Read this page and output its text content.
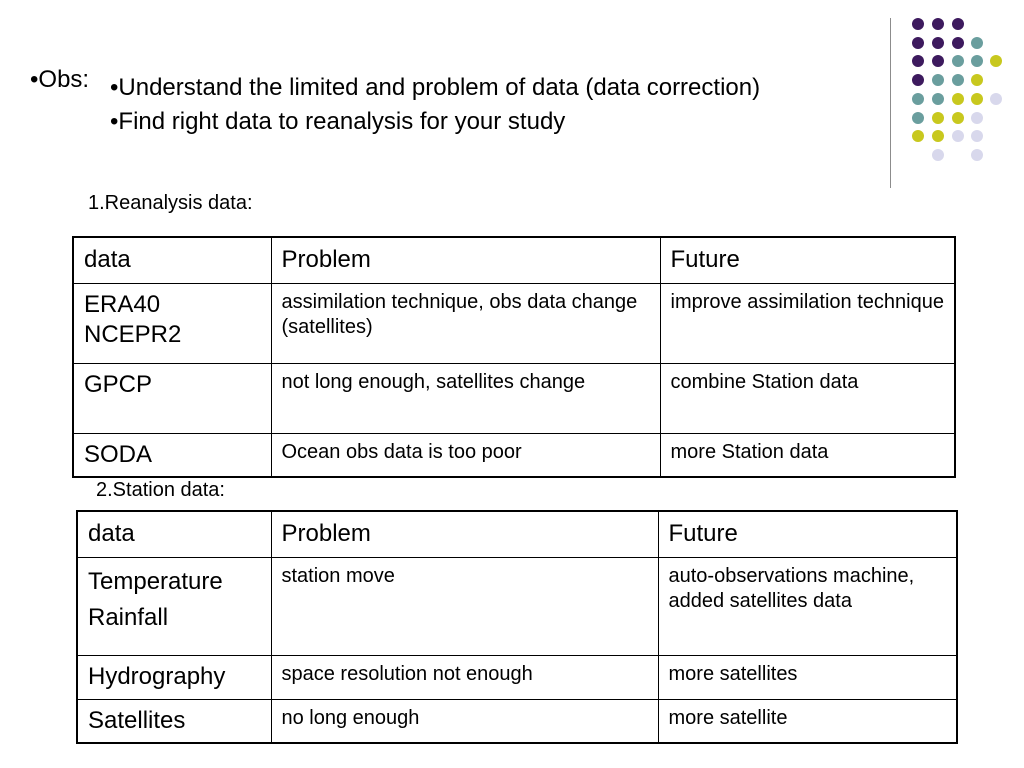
•Obs: •Understand the limited and problem of data (data correction)
•Find right data to reanalysis for your study
1.Reanalysis data:
data	Problem	Future
ERA40
NCEPR2	assimilation technique, obs data change (satellites)	improve assimilation technique
GPCP	not long enough, satellites change	combine Station data
SODA	Ocean obs data is too poor	more Station data
2.Station data:
data	Problem	Future

Temperature
Rainfall	station move	auto-observations machine, added satellites data
Hydrography	space resolution not enough	more satellites
Satellites	no long enough	more satellite
